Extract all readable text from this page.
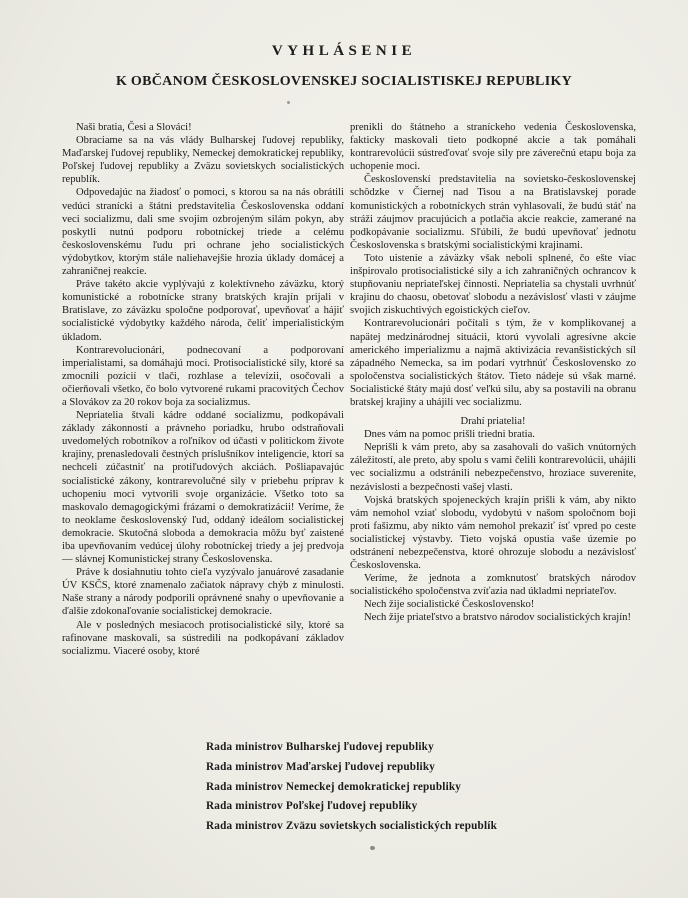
VYHLÁSENIE
K OBČANOM ČESKOSLOVENSKEJ SOCIALISTISKEJ REPUBLIKY

Naši bratia, Česi a Slováci!

Obraciame sa na vás vlády Bulharskej ľudovej republiky, Maďarskej ľudovej republiky, Nemeckej demokratickej republiky, Poľskej ľudovej republiky a Zväzu sovietskych socialistických republík.

Odpovedajúc na žiadosť o pomoci, s ktorou sa na nás obrátili vedúci stranícki a štátni predstavitelia Československa oddaní veci socializmu, dali sme svojim ozbrojeným silám pokyn, aby poskytli nutnú podporu robotníckej triede a celému československému ľudu pri ochrane jeho socialistických výdobytkov, ktorým stále naliehavejšie hrozia úklady domácej a zahraničnej reakcie.

Práve takéto akcie vyplývajú z kolektívneho záväzku, ktorý komunistické a robotnícke strany bratských krajín prijali v Bratislave, zo záväzku spoločne podporovať, upevňovať a hájiť socialistické výdobytky každého národa, čeliť imperialistickým úkladom.

Kontrarevolucionári, podnecovaní a podporovaní imperialistami, sa domáhajú moci. Protisocialistické sily, ktoré sa zmocnili pozícií v tlači, rozhlase a televízii, osočovali a očierňovali všetko, čo bolo vytvorené rukami pracovitých Čechov a Slovákov za 20 rokov boja za socializmus.

Nepriatelia štvali kádre oddané socializmu, podkopávali základy zákonnosti a právneho poriadku, hrubo odstraňovali uvedomelých robotníkov a roľníkov od účasti v politickom živote krajiny, prenasledovali čestných príslušníkov inteligencie, ktorí sa nechceli zúčastniť na protiľudových akciách. Pošliapavajúc socialistické zákony, kontrarevolučné sily v priebehu príprav k uchopeniu moci vytvorili svoje organizácie. Všetko toto sa maskovalo demagogickými frázami o demokratizácii! Veríme, že to neoklame československý ľud, oddaný ideálom socialistickej demokracie. Skutočná sloboda a demokracia môžu byť zaistené iba upevňovaním vedúcej úlohy robotníckej triedy a jej predvoja — slávnej Komunistickej strany Československa.

Práve k dosiahnutiu tohto cieľa vyzývalo januárové zasadanie ÚV KSČS, ktoré znamenalo začiatok nápravy chýb z minulosti. Naše strany a národy podporili oprávnené snahy o upevňovanie a ďalšie zdokonaľovanie socialistickej demokracie.

Ale v posledných mesiacoch protisocialistické sily, ktoré sa rafinovane maskovali, sa sústredili na podkopávaní základov socializmu. Viaceré osoby, ktoré

prenikli do štátneho a straníckeho vedenia Československa, fakticky maskovali tieto podkopné akcie a tak pomáhali kontrarevolúcii sústreďovať svoje sily pre záverečnú etapu boja za uchopenie moci.

Československí predstavitelia na sovietsko-československej schôdzke v Čiernej nad Tisou a na Bratislavskej porade komunistických a robotníckych strán vyhlasovali, že budú stáť na stráži záujmov pracujúcich a potlačia akcie reakcie, zamerané na podkopávanie socializmu. Sľúbili, že budú upevňovať jednotu Československa s bratskými socialistickými krajinami.

Toto uistenie a záväzky však neboli splnené, čo ešte viac inšpirovalo protisocialistické sily a ich zahraničných ochrancov k stupňovaniu nepriateľskej činnosti. Nepriatelia sa chystali uvrhnúť krajinu do chaosu, obetovať slobodu a nezávislosť vlasti v záujme svojich ziskuchtivých egoistických cieľov.

Kontrarevolucionári počítali s tým, že v komplikovanej a napätej medzinárodnej situácii, ktorú vyvolali agresívne akcie amerického imperializmu a najmä aktivizácia revanšistických síl západného Nemecka, sa im podarí vytrhnúť Československo zo spoločenstva socialistických štátov. Tieto nádeje sú však marné. Socialistické štáty majú dosť veľkú silu, aby sa postavili na obranu bratskej krajiny a uhájili vec socializmu.

Drahí priatelia!

Dnes vám na pomoc prišli triedni bratia.

Neprišli k vám preto, aby sa zasahovali do vašich vnútorných záležitostí, ale preto, aby spolu s vami čelili kontrarevolúcii, uhájili vec socializmu a odstránili nebezpečenstvo, hroziace suverenite, nezávislosti a bezpečnosti vašej vlasti.

Vojská bratských spojeneckých krajín prišli k vám, aby nikto vám nemohol vziať slobodu, vydobytú v našom spoločnom boji proti fašizmu, aby nikto vám nemohol prekaziť ísť vpred po ceste socialistickej výstavby. Tieto vojská opustia vaše územie po odstránení nebezpečenstva, ktoré ohrozuje slobodu a nezávislosť Československa.

Veríme, že jednota a zomknutosť bratských národov socialistického spoločenstva zvíťazia nad úkladmi nepriateľov.

Nech žije socialistické Československo!

Nech žije priateľstvo a bratstvo národov socialistických krajín!

Rada ministrov Bulharskej ľudovej republiky
Rada ministrov Maďarskej ľudovej republiky
Rada ministrov Nemeckej demokratickej republiky
Rada ministrov Poľskej ľudovej republiky
Rada ministrov Zväzu sovietskych socialistických republík
